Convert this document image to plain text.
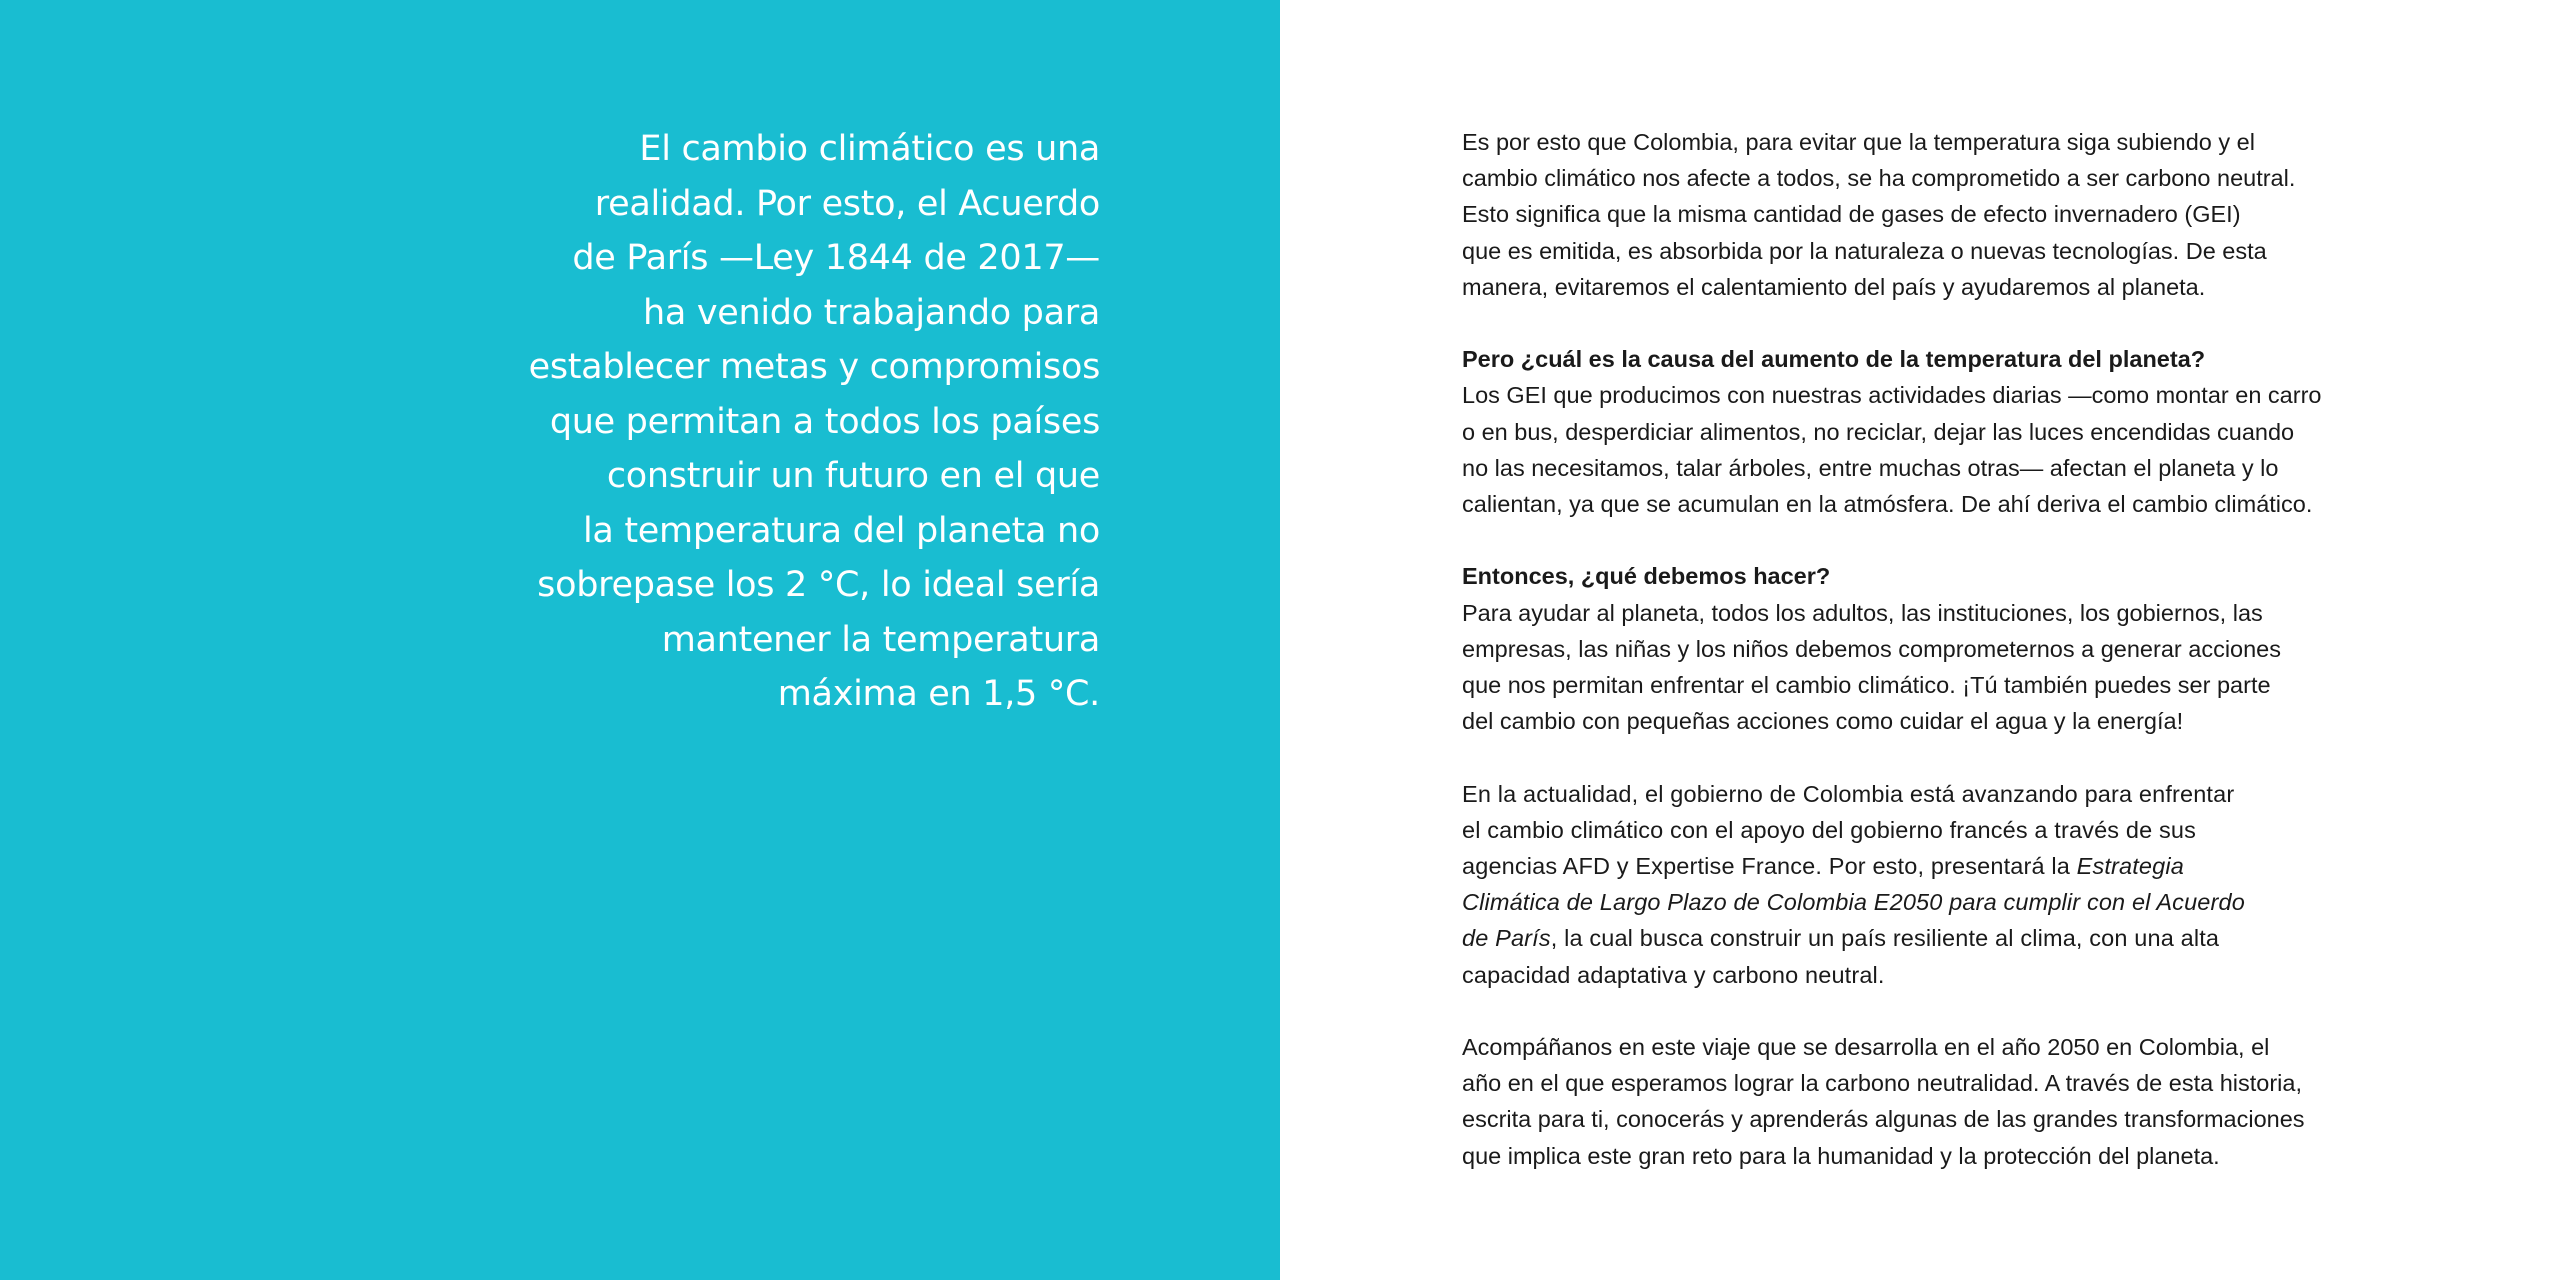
El cambio climático es una
realidad. Por esto, el Acuerdo
de París —Ley 1844 de 2017—
ha venido trabajando para
establecer metas y compromisos
que permitan a todos los países
construir un futuro en el que
la temperatura del planeta no
sobrepase los 2 °C, lo ideal sería
mantener la temperatura
máxima en 1,5 °C.

Es por esto que Colombia, para evitar que la temperatura siga subiendo y el
cambio climático nos afecte a todos, se ha comprometido a ser carbono neutral.
Esto significa que la misma cantidad de gases de efecto invernadero (GEI)
que es emitida, es absorbida por la naturaleza o nuevas tecnologías. De esta
manera, evitaremos el calentamiento del país y ayudaremos al planeta.

Pero ¿cuál es la causa del aumento de la temperatura del planeta?
Los GEI que producimos con nuestras actividades diarias —como montar en carro
o en bus, desperdiciar alimentos, no reciclar, dejar las luces encendidas cuando
no las necesitamos, talar árboles, entre muchas otras— afectan el planeta y lo
calientan, ya que se acumulan en la atmósfera. De ahí deriva el cambio climático.

Entonces, ¿qué debemos hacer?
Para ayudar al planeta, todos los adultos, las instituciones, los gobiernos, las
empresas, las niñas y los niños debemos comprometernos a generar acciones
que nos permitan enfrentar el cambio climático. ¡Tú también puedes ser parte
del cambio con pequeñas acciones como cuidar el agua y la energía!

En la actualidad, el gobierno de Colombia está avanzando para enfrentar
el cambio climático con el apoyo del gobierno francés a través de sus
agencias AFD y Expertise France. Por esto, presentará la Estrategia
Climática de Largo Plazo de Colombia E2050 para cumplir con el Acuerdo
de París, la cual busca construir un país resiliente al clima, con una alta
capacidad adaptativa y carbono neutral.

Acompáñanos en este viaje que se desarrolla en el año 2050 en Colombia, el
año en el que esperamos lograr la carbono neutralidad. A través de esta historia,
escrita para ti, conocerás y aprenderás algunas de las grandes transformaciones
que implica este gran reto para la humanidad y la protección del planeta.
